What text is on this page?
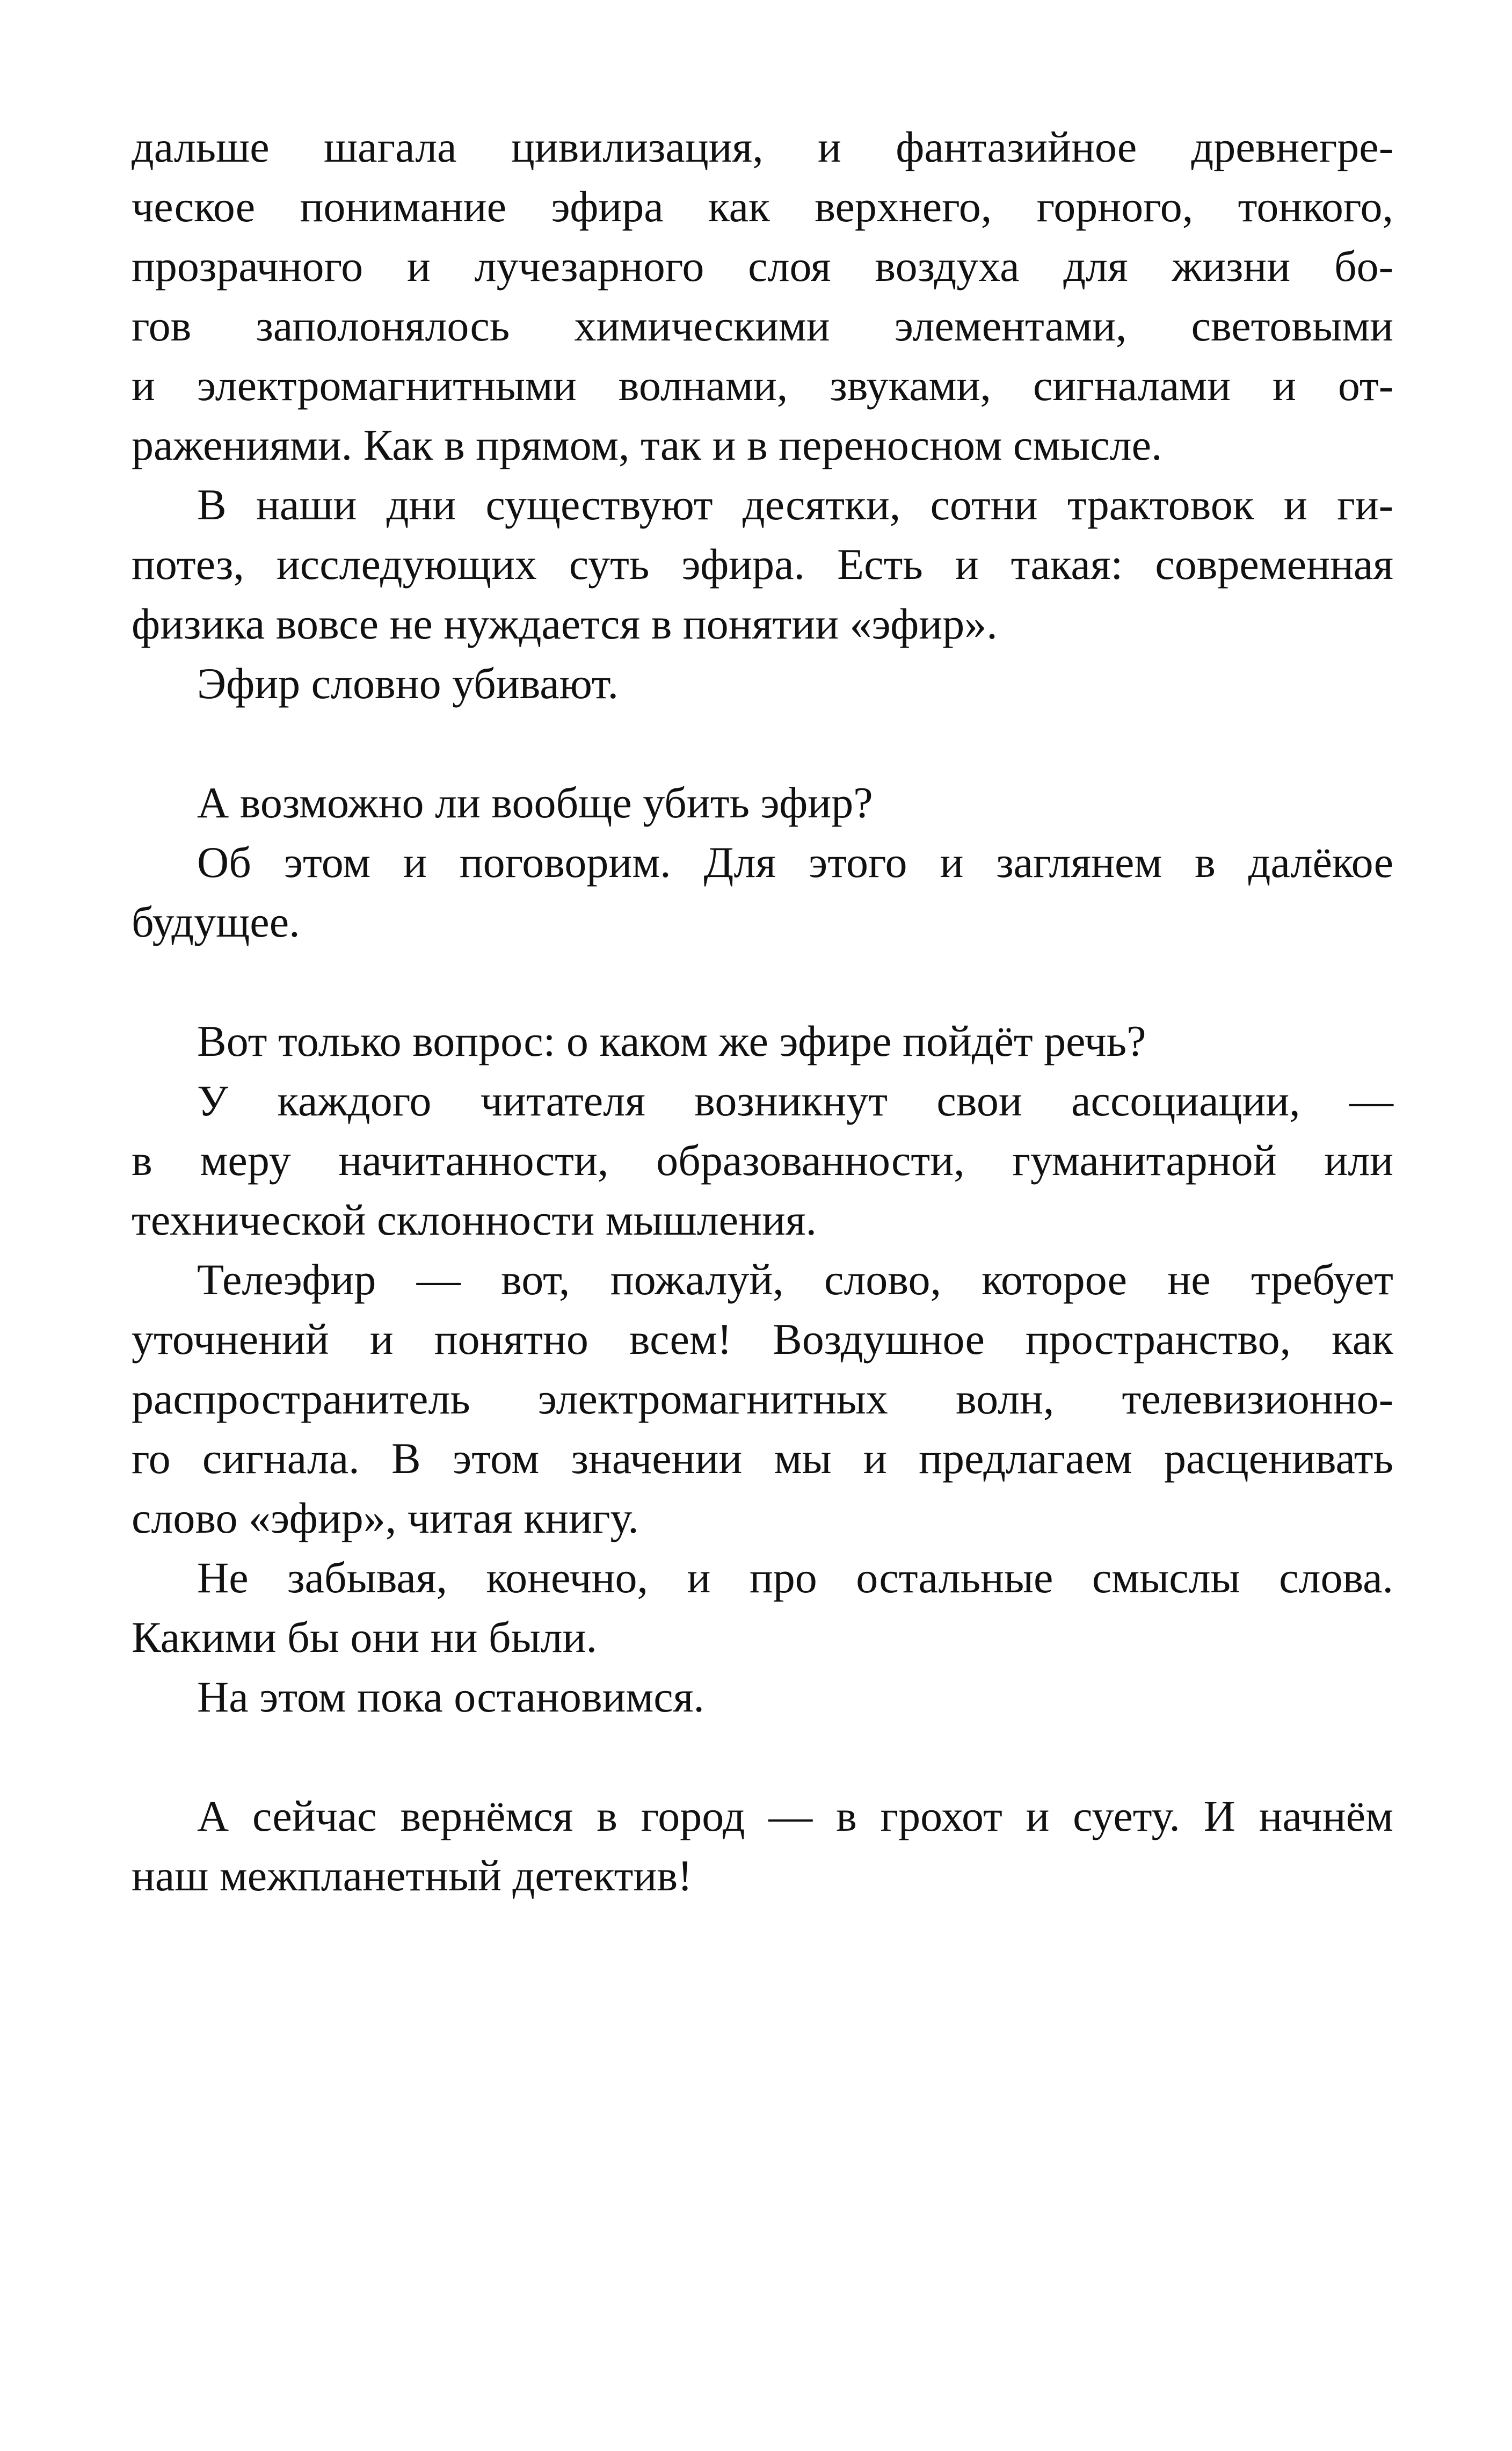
дальше шагала цивилизация, и фантазийное древнегре-
ческое понимание эфира как верхнего, горного, тонкого,
прозрачного и лучезарного слоя воздуха для жизни бо-
гов заполонялось химическими элементами, световыми
и электромагнитными волнами, звуками, сигналами и от-
ражениями. Как в прямом, так и в переносном смысле.
В наши дни существуют десятки, сотни трактовок и ги-
потез, исследующих суть эфира. Есть и такая: современная
физика вовсе не нуждается в понятии «эфир».
Эфир словно убивают.
А возможно ли вообще убить эфир?
Об этом и поговорим. Для этого и заглянем в далёкое
будущее.
Вот только вопрос: о каком же эфире пойдёт речь?
У каждого читателя возникнут свои ассоциации, —
в меру начитанности, образованности, гуманитарной или
технической склонности мышления.
Телеэфир — вот, пожалуй, слово, которое не требует
уточнений и понятно всем! Воздушное пространство, как
распространитель электромагнитных волн, телевизионно-
го сигнала. В этом значении мы и предлагаем расценивать
слово «эфир», читая книгу.
Не забывая, конечно, и про остальные смыслы слова.
Какими бы они ни были.
На этом пока остановимся.
А сейчас вернёмся в город — в грохот и суету. И начнём
наш межпланетный детектив!
